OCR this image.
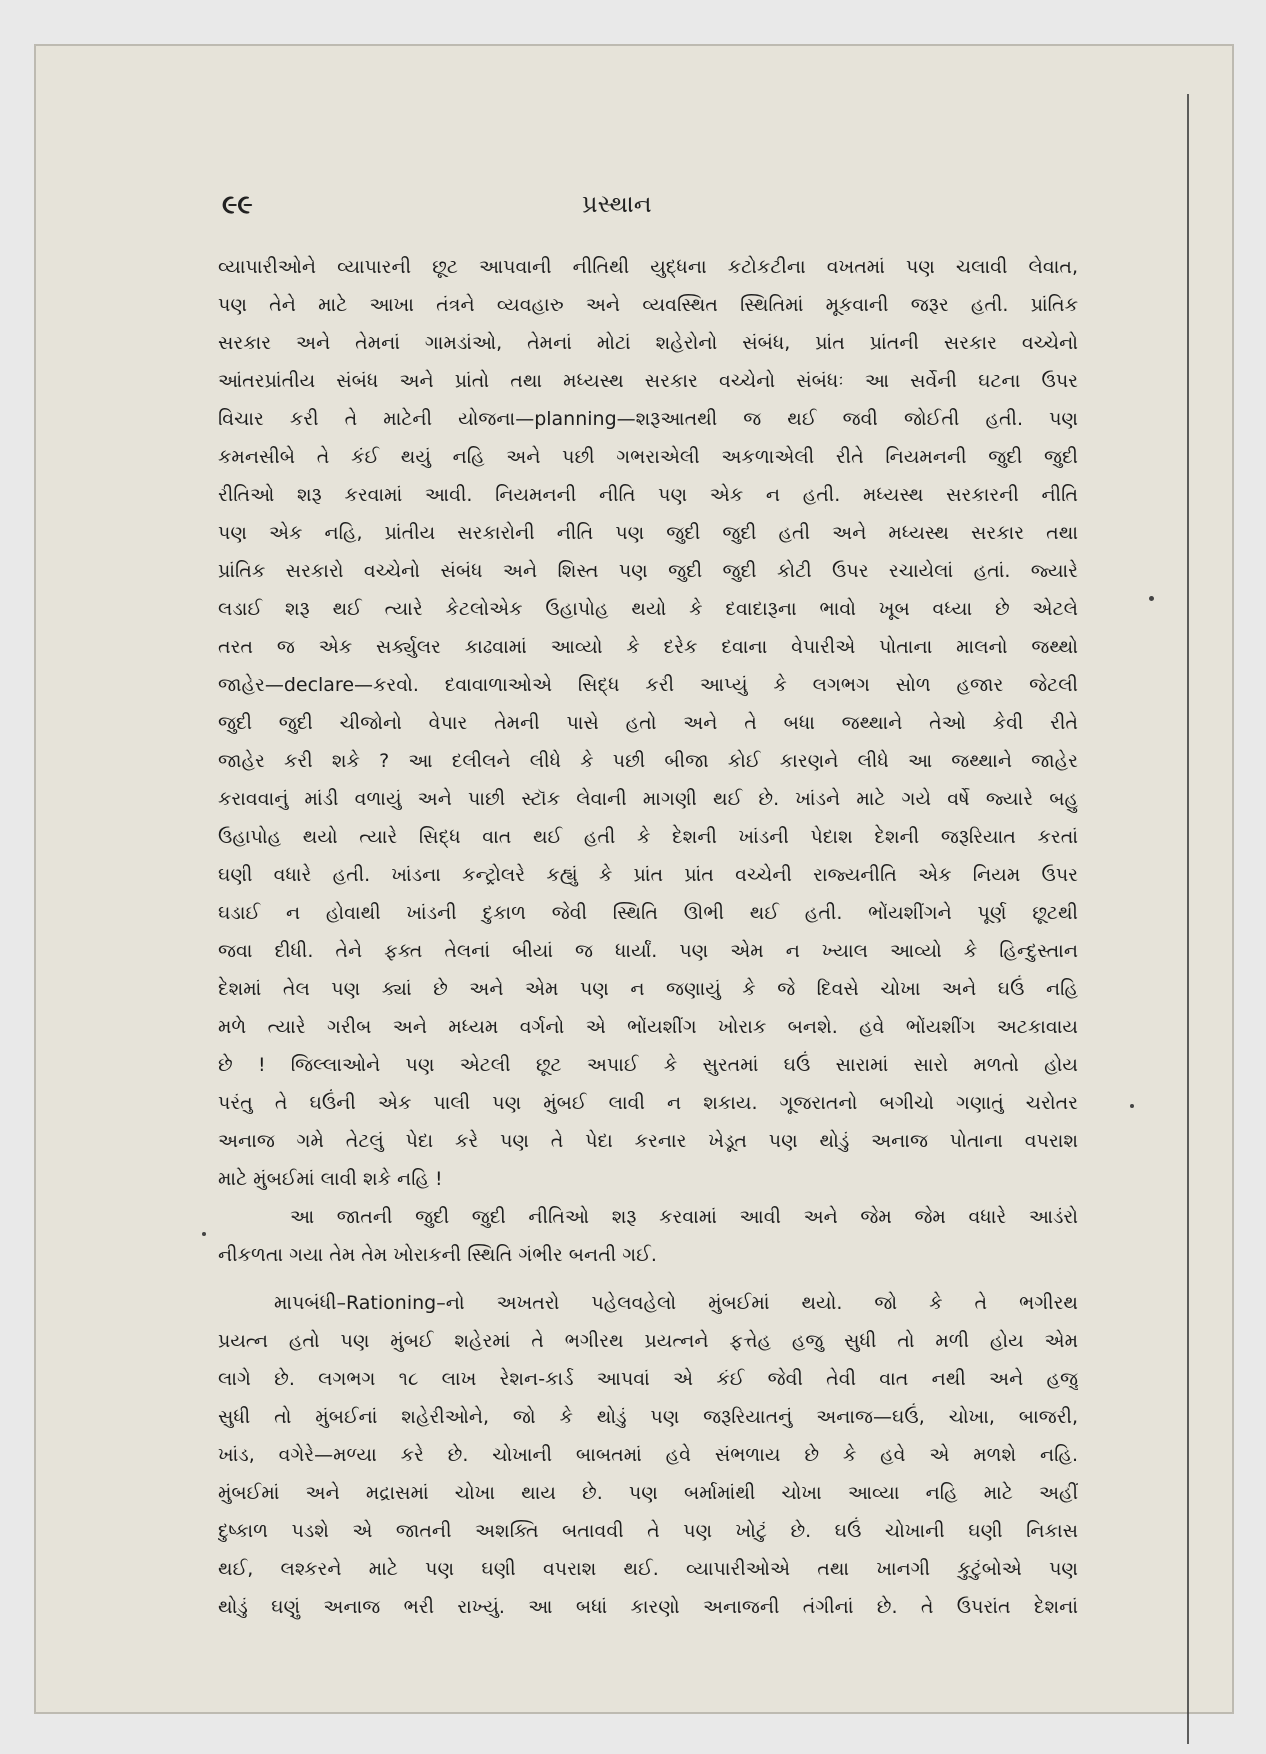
૯૯	પ્રસ્થાન
વ્યાપારીઓને વ્યાપારની છૂટ આપવાની નીતિથી યુદ્ધના કટોકટીના વખતમાં પણ ચલાવી લેવાત,
પણ તેને માટે આખા તંત્રને વ્યવહારુ અને વ્યવસ્થિત સ્થિતિમાં મૂકવાની જરૂર હતી. પ્રાંતિક
સરકાર અને તેમનાં ગામડાંઓ, તેમનાં મોટાં શહેરોનો સંબંધ, પ્રાંત પ્રાંતની સરકાર વચ્ચેનો
આંતરપ્રાંતીય સંબંધ અને પ્રાંતો તથા મધ્યસ્થ સરકાર વચ્ચેનો સંબંધઃ આ સર્વેની ઘટના ઉપર
વિચાર કરી તે માટેની યોજના—planning—શરૂઆતથી જ થઈ જવી જોઈતી હતી. પણ
કમનસીબે તે કંઈ થયું નહિ અને પછી ગભરાએલી અકળાએલી રીતે નિયમનની જુદી જુદી
રીતિઓ શરૂ કરવામાં આવી. નિયમનની નીતિ પણ એક ન હતી. મધ્યસ્થ સરકારની નીતિ
પણ એક નહિ, પ્રાંતીય સરકારોની નીતિ પણ જુદી જુદી હતી અને મધ્યસ્થ સરકાર તથા
પ્રાંતિક સરકારો વચ્ચેનો સંબંધ અને શિસ્ત પણ જુદી જુદી કોટી ઉપર રચાયેલાં હતાં. જ્યારે
લડાઈ શરૂ થઈ ત્યારે કેટલોએક ઉહાપોહ થયો કે દવાદારૂના ભાવો ખૂબ વધ્યા છે એટલે
તરત જ એક સર્ક્યુલર કાઢવામાં આવ્યો કે દરેક દવાના વેપારીએ પોતાના માલનો જથ્થો
જાહેર—declare—કરવો. દવાવાળાઓએ સિદ્ધ કરી આપ્યું કે લગભગ સોળ હજાર જેટલી
જુદી જુદી ચીજોનો વેપાર તેમની પાસે હતો અને તે બધા જથ્થાને તેઓ કેવી રીતે
જાહેર કરી શકે ? આ દલીલને લીધે કે પછી બીજા કોઈ કારણને લીધે આ જથ્થાને જાહેર
કરાવવાનું માંડી વળાયું અને પાછી સ્ટૉક લેવાની માગણી થઈ છે. ખાંડને માટે ગયે વર્ષે જ્યારે બહુ
ઉહાપોહ થયો ત્યારે સિદ્ધ વાત થઈ હતી કે દેશની ખાંડની પેદાશ દેશની જરૂરિયાત કરતાં
ઘણી વધારે હતી. ખાંડના કન્ટ્રોલરે કહ્યું કે પ્રાંત પ્રાંત વચ્ચેની રાજ્યનીતિ એક નિયમ ઉપર
ઘડાઈ ન હોવાથી ખાંડની દુકાળ જેવી સ્થિતિ ઊભી થઈ હતી. ભોંયશીંગને પૂર્ણ છૂટથી
જવા દીધી. તેને ફક્ત તેલનાં બીયાં જ ધાર્યાં. પણ એમ ન ખ્યાલ આવ્યો કે હિન્દુસ્તાન
દેશમાં તેલ પણ ક્યાં છે અને એમ પણ ન જણાયું કે જે દિવસે ચોખા અને ઘઉં નહિ
મળે ત્યારે ગરીબ અને મધ્યમ વર્ગનો એ ભોંયશીંગ ખોરાક બનશે. હવે ભોંયશીંગ અટકાવાય
છે ! જિલ્લાઓને પણ એટલી છૂટ અપાઈ કે સુરતમાં ઘઉં સારામાં સારો મળતો હોય
પરંતુ તે ઘઉંની એક પાલી પણ મુંબઈ લાવી ન શકાય. ગૂજરાતનો બગીચો ગણાતું ચરોતર
અનાજ ગમે તેટલું પેદા કરે પણ તે પેદા કરનાર ખેડૂત પણ થોડું અનાજ પોતાના વપરાશ
માટે મુંબઈમાં લાવી શકે નહિ !
આ જાતની જુદી જુદી નીતિઓ શરૂ કરવામાં આવી અને જેમ જેમ વધારે આડંરો
નીકળતા ગયા તેમ તેમ ખોરાકની સ્થિતિ ગંભીર બનતી ગઈ.
માપબંધી–Rationing–નો અખતરો પહેલવહેલો મુંબઈમાં થયો. જો કે તે ભગીરથ
પ્રયત્ન હતો પણ મુંબઈ શહેરમાં તે ભગીરથ પ્રયત્નને ફત્તેહ હજુ સુધી તો મળી હોય એમ
લાગે છે. લગભગ ૧૮ લાખ રેશન-કાર્ડ આપવાં એ કંઈ જેવી તેવી વાત નથી અને હજુ
સુધી તો મુંબઈનાં શહેરીઓને, જો કે થોડું પણ જરૂરિયાતનું અનાજ—ઘઉં, ચોખા, બાજરી,
ખાંડ, વગેરે—મળ્યા કરે છે. ચોખાની બાબતમાં હવે સંભળાય છે કે હવે એ મળશે નહિ.
મુંબઈમાં અને મદ્રાસમાં ચોખા થાય છે. પણ બર્મામાંથી ચોખા આવ્યા નહિ માટે અહીં
દુષ્કાળ પડશે એ જાતની અશક્તિ બતાવવી તે પણ ખોટું છે. ઘઉં ચોખાની ઘણી નિકાસ
થઈ, લશ્કરને માટે પણ ઘણી વપરાશ થઈ. વ્યાપારીઓએ તથા ખાનગી કુટુંબોએ પણ
થોડું ઘણું અનાજ ભરી રાખ્યું. આ બધાં કારણો અનાજની તંગીનાં છે. તે ઉપરાંત દેશનાં
